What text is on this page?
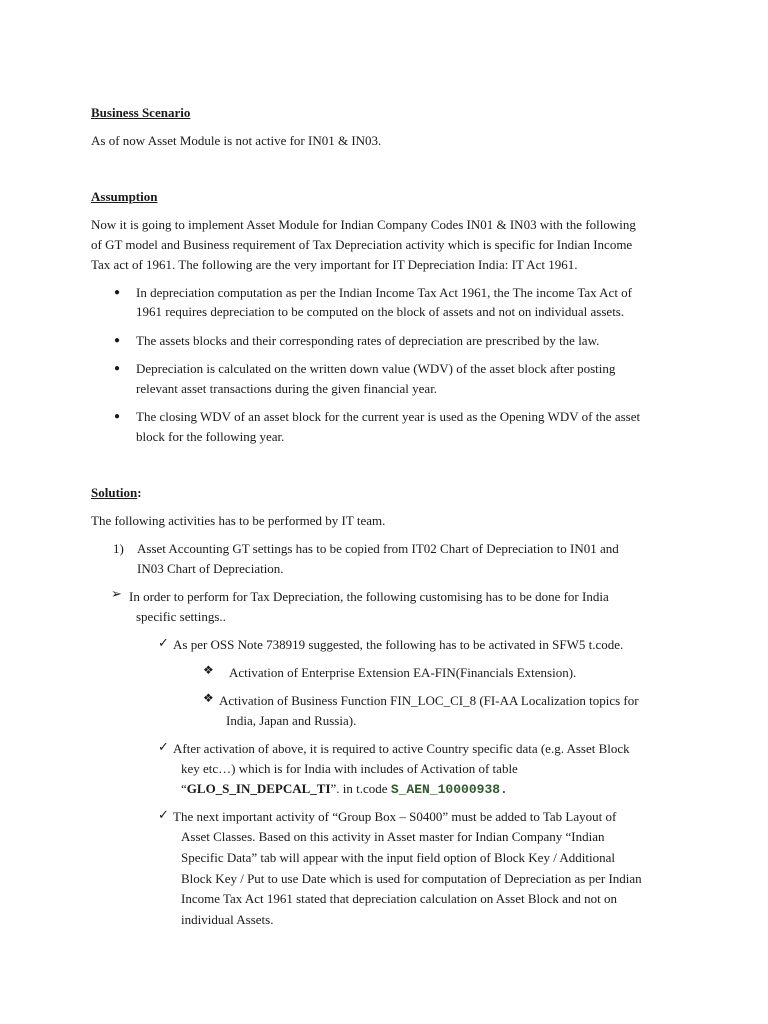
Business Scenario
As of now Asset Module is not active for IN01 & IN03.
Assumption
Now it is going to implement Asset Module for Indian Company Codes IN01 & IN03 with the following
of GT model and Business requirement of Tax Depreciation activity which is specific for Indian Income
Tax act of 1961. The following are the very important for IT Depreciation India: IT Act 1961.
● In depreciation computation as per the Indian Income Tax Act 1961, the The income Tax Act of
1961 requires depreciation to be computed on the block of assets and not on individual assets.
● The assets blocks and their corresponding rates of depreciation are prescribed by the law.
● Depreciation is calculated on the written down value (WDV) of the asset block after posting
relevant asset transactions during the given financial year.
● The closing WDV of an asset block for the current year is used as the Opening WDV of the asset
block for the following year.
Solution:
The following activities has to be performed by IT team.
1) Asset Accounting GT settings has to be copied from IT02 Chart of Depreciation to IN01 and
IN03 Chart of Depreciation.
➢ In order to perform for Tax Depreciation, the following customising has to be done for India
specific settings..
✓ As per OSS Note 738919 suggested, the following has to be activated in SFW5 t.code.
❖ Activation of Enterprise Extension EA-FIN(Financials Extension).
❖ Activation of Business Function FIN_LOC_CI_8 (FI-AA Localization topics for
India, Japan and Russia).
✓ After activation of above, it is required to active Country specific data (e.g. Asset Block
key etc…) which is for India with includes of Activation of table
“GLO_S_IN_DEPCAL_TI”. in t.code S_AEN_10000938.
✓ The next important activity of “Group Box – S0400” must be added to Tab Layout of
Asset Classes. Based on this activity in Asset master for Indian Company “Indian
Specific Data” tab will appear with the input field option of Block Key / Additional
Block Key / Put to use Date which is used for computation of Depreciation as per Indian
Income Tax Act 1961 stated that depreciation calculation on Asset Block and not on
individual Assets.
